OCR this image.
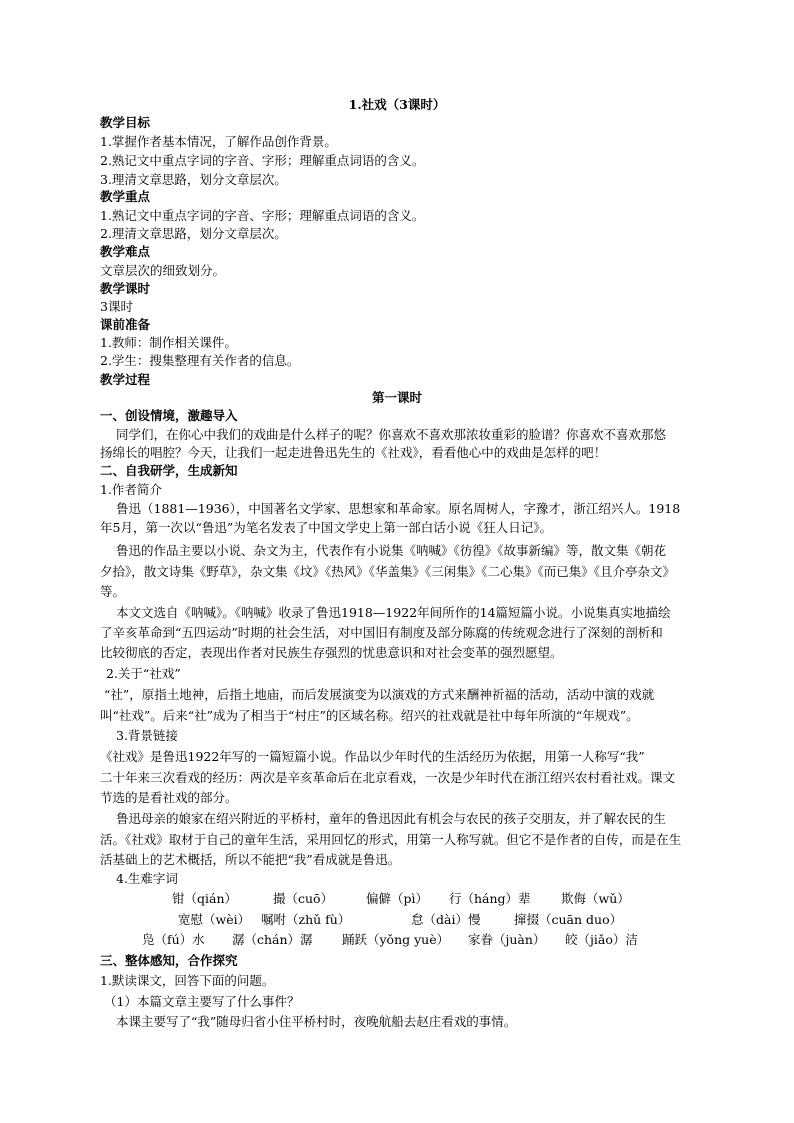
1.社戏（3课时）
教学目标
1.掌握作者基本情况，了解作品创作背景。
2.熟记文中重点字词的字音、字形；理解重点词语的含义。
3.理清文章思路，划分文章层次。
教学重点
1.熟记文中重点字词的字音、字形；理解重点词语的含义。
2.理清文章思路，划分文章层次。
教学难点
文章层次的细致划分。
教学课时
3课时
课前准备
1.教师：制作相关课件。
2.学生：搜集整理有关作者的信息。
教学过程
第一课时
一、创设情境，激趣导入
同学们，在你心中我们的戏曲是什么样子的呢？你喜欢不喜欢那浓妆重彩的脸谱？你喜欢不喜欢那悠
扬绵长的唱腔？今天，让我们一起走进鲁迅先生的《社戏》，看看他心中的戏曲是怎样的吧！
二、自我研学，生成新知
1.作者简介
鲁迅（1881—1936），中国著名文学家、思想家和革命家。原名周树人，字豫才，浙江绍兴人。1918
年5月，第一次以“鲁迅”为笔名发表了中国文学史上第一部白话小说《狂人日记》。
鲁迅的作品主要以小说、杂文为主，代表作有小说集《呐喊》《彷徨》《故事新编》等，散文集《朝花
夕拾》，散文诗集《野草》，杂文集《坟》《热风》《华盖集》《三闲集》《二心集》《而已集》《且介亭杂文》
等。
本文文选自《呐喊》。《呐喊》收录了鲁迅1918—1922年间所作的14篇短篇小说。小说集真实地描绘
了辛亥革命到“五四运动”时期的社会生活，对中国旧有制度及部分陈腐的传统观念进行了深刻的剖析和
比较彻底的否定，表现出作者对民族生存强烈的忧患意识和对社会变革的强烈愿望。
2.关于“社戏”
“社”，原指土地神，后指土地庙，而后发展演变为以演戏的方式来酬神祈福的活动，活动中演的戏就
叫“社戏”。后来“社”成为了相当于“村庄”的区域名称。绍兴的社戏就是社中每年所演的“年规戏”。
3.背景链接
《社戏》是鲁迅1922年写的一篇短篇小说。作品以少年时代的生活经历为依据，用第一人称写“我”
二十年来三次看戏的经历：两次是辛亥革命后在北京看戏，一次是少年时代在浙江绍兴农村看社戏。课文
节选的是看社戏的部分。
鲁迅母亲的娘家在绍兴附近的平桥村，童年的鲁迅因此有机会与农民的孩子交朋友，并了解农民的生
活。《社戏》取材于自己的童年生活，采用回忆的形式，用第一人称写就。但它不是作者的自传，而是在生
活基础上的艺术概括，所以不能把“我”看成就是鲁迅。
4.生难字词
钳（qián）	撮（cuō）	偏僻（pì） 行（háng）辈 欺侮（wǔ）
宽慰（wèi） 嘱咐（zhǔ fù）	怠（dài）慢	撺掇（cuān duo）
凫（fú）水 潺（chán）潺 踊跃（yǒng yuè） 家眷（juàn） 皎（jiǎo）洁
三、整体感知，合作探究
1.默读课文，回答下面的问题。
（1）本篇文章主要写了什么事件？
本课主要写了“我”随母归省小住平桥村时，夜晚航船去赵庄看戏的事情。
